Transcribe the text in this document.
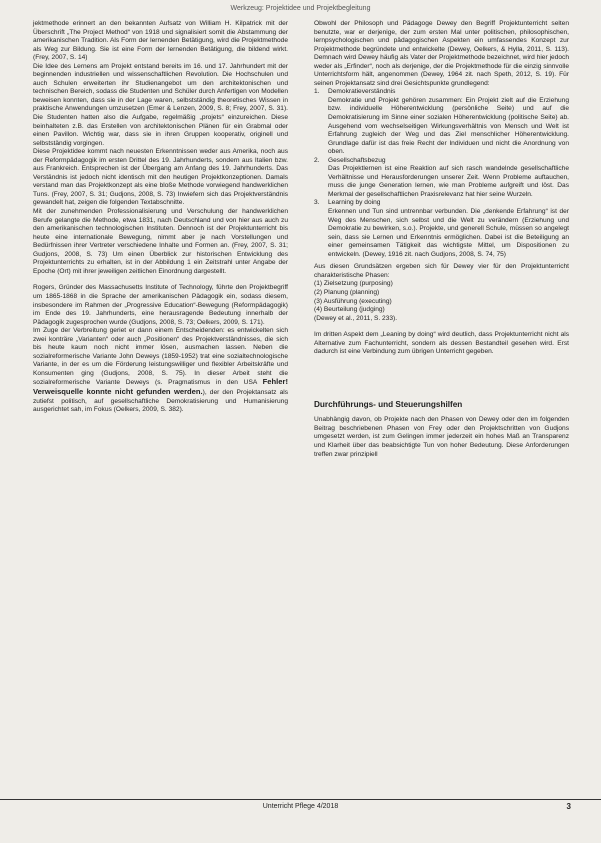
Werkzeug: Projektidee und Projektbegleitung

jektmethode erinnert an den bekannten Aufsatz von William H. Kilpatrick mit der Überschrift „The Project Method“ von 1918 und signalisiert somit die Abstammung der amerikanischen Tradition. Als Form der lernenden Betätigung, wird die Projektmethode als Weg zur Bildung. Sie ist eine Form der lernenden Betätigung, die bildend wirkt. (Frey, 2007, S. 14)

Die Idee des Lernens am Projekt entstand bereits im 16. und 17. Jahrhundert mit der beginnenden industriellen und wissenschaftlichen Revolution. Die Hochschulen und auch Schulen erweiterten ihr Studienangebot um den architektonischen und technischen Bereich, sodass die Studenten und Schüler durch Anfertigen von Modellen beweisen konnten, dass sie in der Lage waren, selbstständig theoretisches Wissen in praktische Anwendungen umzusetzen (Emer & Lenzen, 2009, S. 8; Frey, 2007, S. 31). Die Studenten hatten also die Aufgabe, regelmäßig „projets“ einzureichen. Diese beinhalteten z.B. das Erstellen von architektonischen Plänen für ein Grabmal oder einen Pavillon. Wichtig war, dass sie in ihren Gruppen kooperativ, originell und selbstständig vorgingen.

Diese Projektidee kommt nach neuesten Erkenntnissen weder aus Amerika, noch aus der Reformpädagogik im ersten Drittel des 19. Jahrhunderts, sondern aus Italien bzw. aus Frankreich. Entsprechen ist der Übergang am Anfang des 19. Jahrhunderts. Das Verständnis ist jedoch nicht identisch mit den heutigen Projektkonzeptionen. Damals verstand man das Projektkonzept als eine bloße Methode vorwiegend handwerklichen Tuns. (Frey, 2007, S. 31; Gudjons, 2008, S. 73) Inwiefern sich das Projektverständnis gewandelt hat, zeigen die folgenden Textabschnitte.

Mit der zunehmenden Professionalisierung und Verschulung der handwerklichen Berufe gelangte die Methode, etwa 1831, nach Deutschland und von hier aus auch zu den amerikanischen technologischen Instituten. Dennoch ist der Projektunterricht bis heute eine internationale Bewegung, nimmt aber je nach Vorstellungen und Bedürfnissen ihrer Vertreter verschiedene Inhalte und Formen an. (Frey, 2007, S. 31; Gudjons, 2008, S. 73) Um einen Überblick zur historischen Entwicklung des Projektunterrichts zu erhalten, ist in der Abbildung 1 ein Zeitstrahl unter Angabe der Epoche (Ort) mit ihrer jeweiligen zeitlichen Einordnung dargestellt.

Rogers, Gründer des Massachusetts Institute of Technology, führte den Projektbegriff um 1865-1868 in die Sprache der amerikanischen Pädagogik ein, sodass diesem, insbesondere im Rahmen der „Progressive Education“-Bewegung (Reformpädagogik) im Ende des 19. Jahrhunderts, eine herausragende Bedeutung innerhalb der Pädagogik zugesprochen wurde (Gudjons, 2008, S. 73; Oelkers, 2009, S. 171).

Im Zuge der Verbreitung geriet er dann einem Entscheidenden: es entwickelten sich zwei konträre „Varianten“ oder auch „Positionen“ des Projektverständnisses, die sich bis heute kaum noch nicht immer lösen, ausmachen lassen. Neben die sozialreformerische Variante John Deweys (1859-1952) trat eine sozialtechnologische Variante, in der es um die Förderung leistungswilliger und flexibler Arbeitskräfte und Konsumenten ging (Gudjons, 2008, S. 75). In dieser Arbeit steht die sozialreformerische Variante Deweys (s. Pragmatismus in den USA Fehler! Verweisquelle konnte nicht gefunden werden.), der den Projektansatz als zutiefst politisch, auf gesellschaftliche Demokratisierung und Humanisierung ausgerichtet sah, im Fokus (Oelkers, 2009, S. 382).

Obwohl der Philosoph und Pädagoge Dewey den Begriff Projektunterricht selten benutzte, war er derjenige, der zum ersten Mal unter politischen, philosophischen, lernpsychologischen und pädagogischen Aspekten ein umfassendes Konzept zur Projektmethode begründete und entwickelte (Dewey, Oelkers, & Hylla, 2011, S. 113). Demnach wird Dewey häufig als Vater der Projektmethode bezeichnet, wird hier jedoch weder als „Erfinder“, noch als derjenige, der die Projektmethode für die einzig sinnvolle Unterrichtsform hält, angenommen (Dewey, 1964 zit. nach Speth, 2012, S. 19). Für seinen Projektansatz sind drei Gesichtspunkte grundlegend:

1.	Demokratieverständnis
Demokratie und Projekt gehören zusammen: Ein Projekt zielt auf die Erziehung bzw. individuelle Höherentwicklung (persönliche Seite) und auf die Demokratisierung im Sinne einer sozialen Höherentwicklung (politische Seite) ab. Ausgehend vom wechselseitigen Wirkungsverhältnis von Mensch und Welt ist Erfahrung zugleich der Weg und das Ziel menschlicher Höherentwicklung. Grundlage dafür ist das freie Recht der Individuen und nicht die Anordnung von oben.
2.	Gesellschaftsbezug
Das Projektlernen ist eine Reaktion auf sich rasch wandelnde gesellschaftliche Verhältnisse und Herausforderungen unserer Zeit. Wenn Probleme auftauchen, muss die junge Generation lernen, wie man Probleme aufgreift und löst. Das Merkmal der gesellschaftlichen Praxisrelevanz hat hier seine Wurzeln.
3.	Learning by doing
Erkennen und Tun sind untrennbar verbunden. Die „denkende Erfahrung“ ist der Weg des Menschen, sich selbst und die Welt zu verändern (Erziehung und Demokratie zu bewirken, s.o.). Projekte, und generell Schule, müssen so angelegt sein, dass sie Lernen und Erkenntnis ermöglichen. Dabei ist die Beteiligung an einer gemeinsamen Tätigkeit das wichtigste Mittel, um Dispositionen zu entwickeln. (Dewey, 1916 zit. nach Gudjons, 2008, S. 74, 75)

Aus diesen Grundsätzen ergeben sich für Dewey vier für den Projektunterricht charakteristische Phasen:

(1) Zielsetzung (purposing)
(2) Planung (planning)
(3) Ausführung (executing)
(4) Beurteilung (judging)
(Dewey et al., 2011, S. 233).

Im dritten Aspekt dem „Leaning by doing“ wird deutlich, dass Projektunterricht nicht als Alternative zum Fachunterricht, sondern als dessen Bestandteil gesehen wird. Erst dadurch ist eine Verbindung zum übrigen Unterricht gegeben.

Durchführungs- und Steuerungshilfen

Unabhängig davon, ob Projekte nach den Phasen von Dewey oder den im folgenden Beitrag beschriebenen Phasen von Frey oder den Projektschritten von Gudjons umgesetzt werden, ist zum Gelingen immer jederzeit ein hohes Maß an Transparenz und Klarheit über das beabsichtigte Tun von hoher Bedeutung. Diese Anforderungen treffen zwar prinzipiell

Unterricht Pflege 4/2018	3
